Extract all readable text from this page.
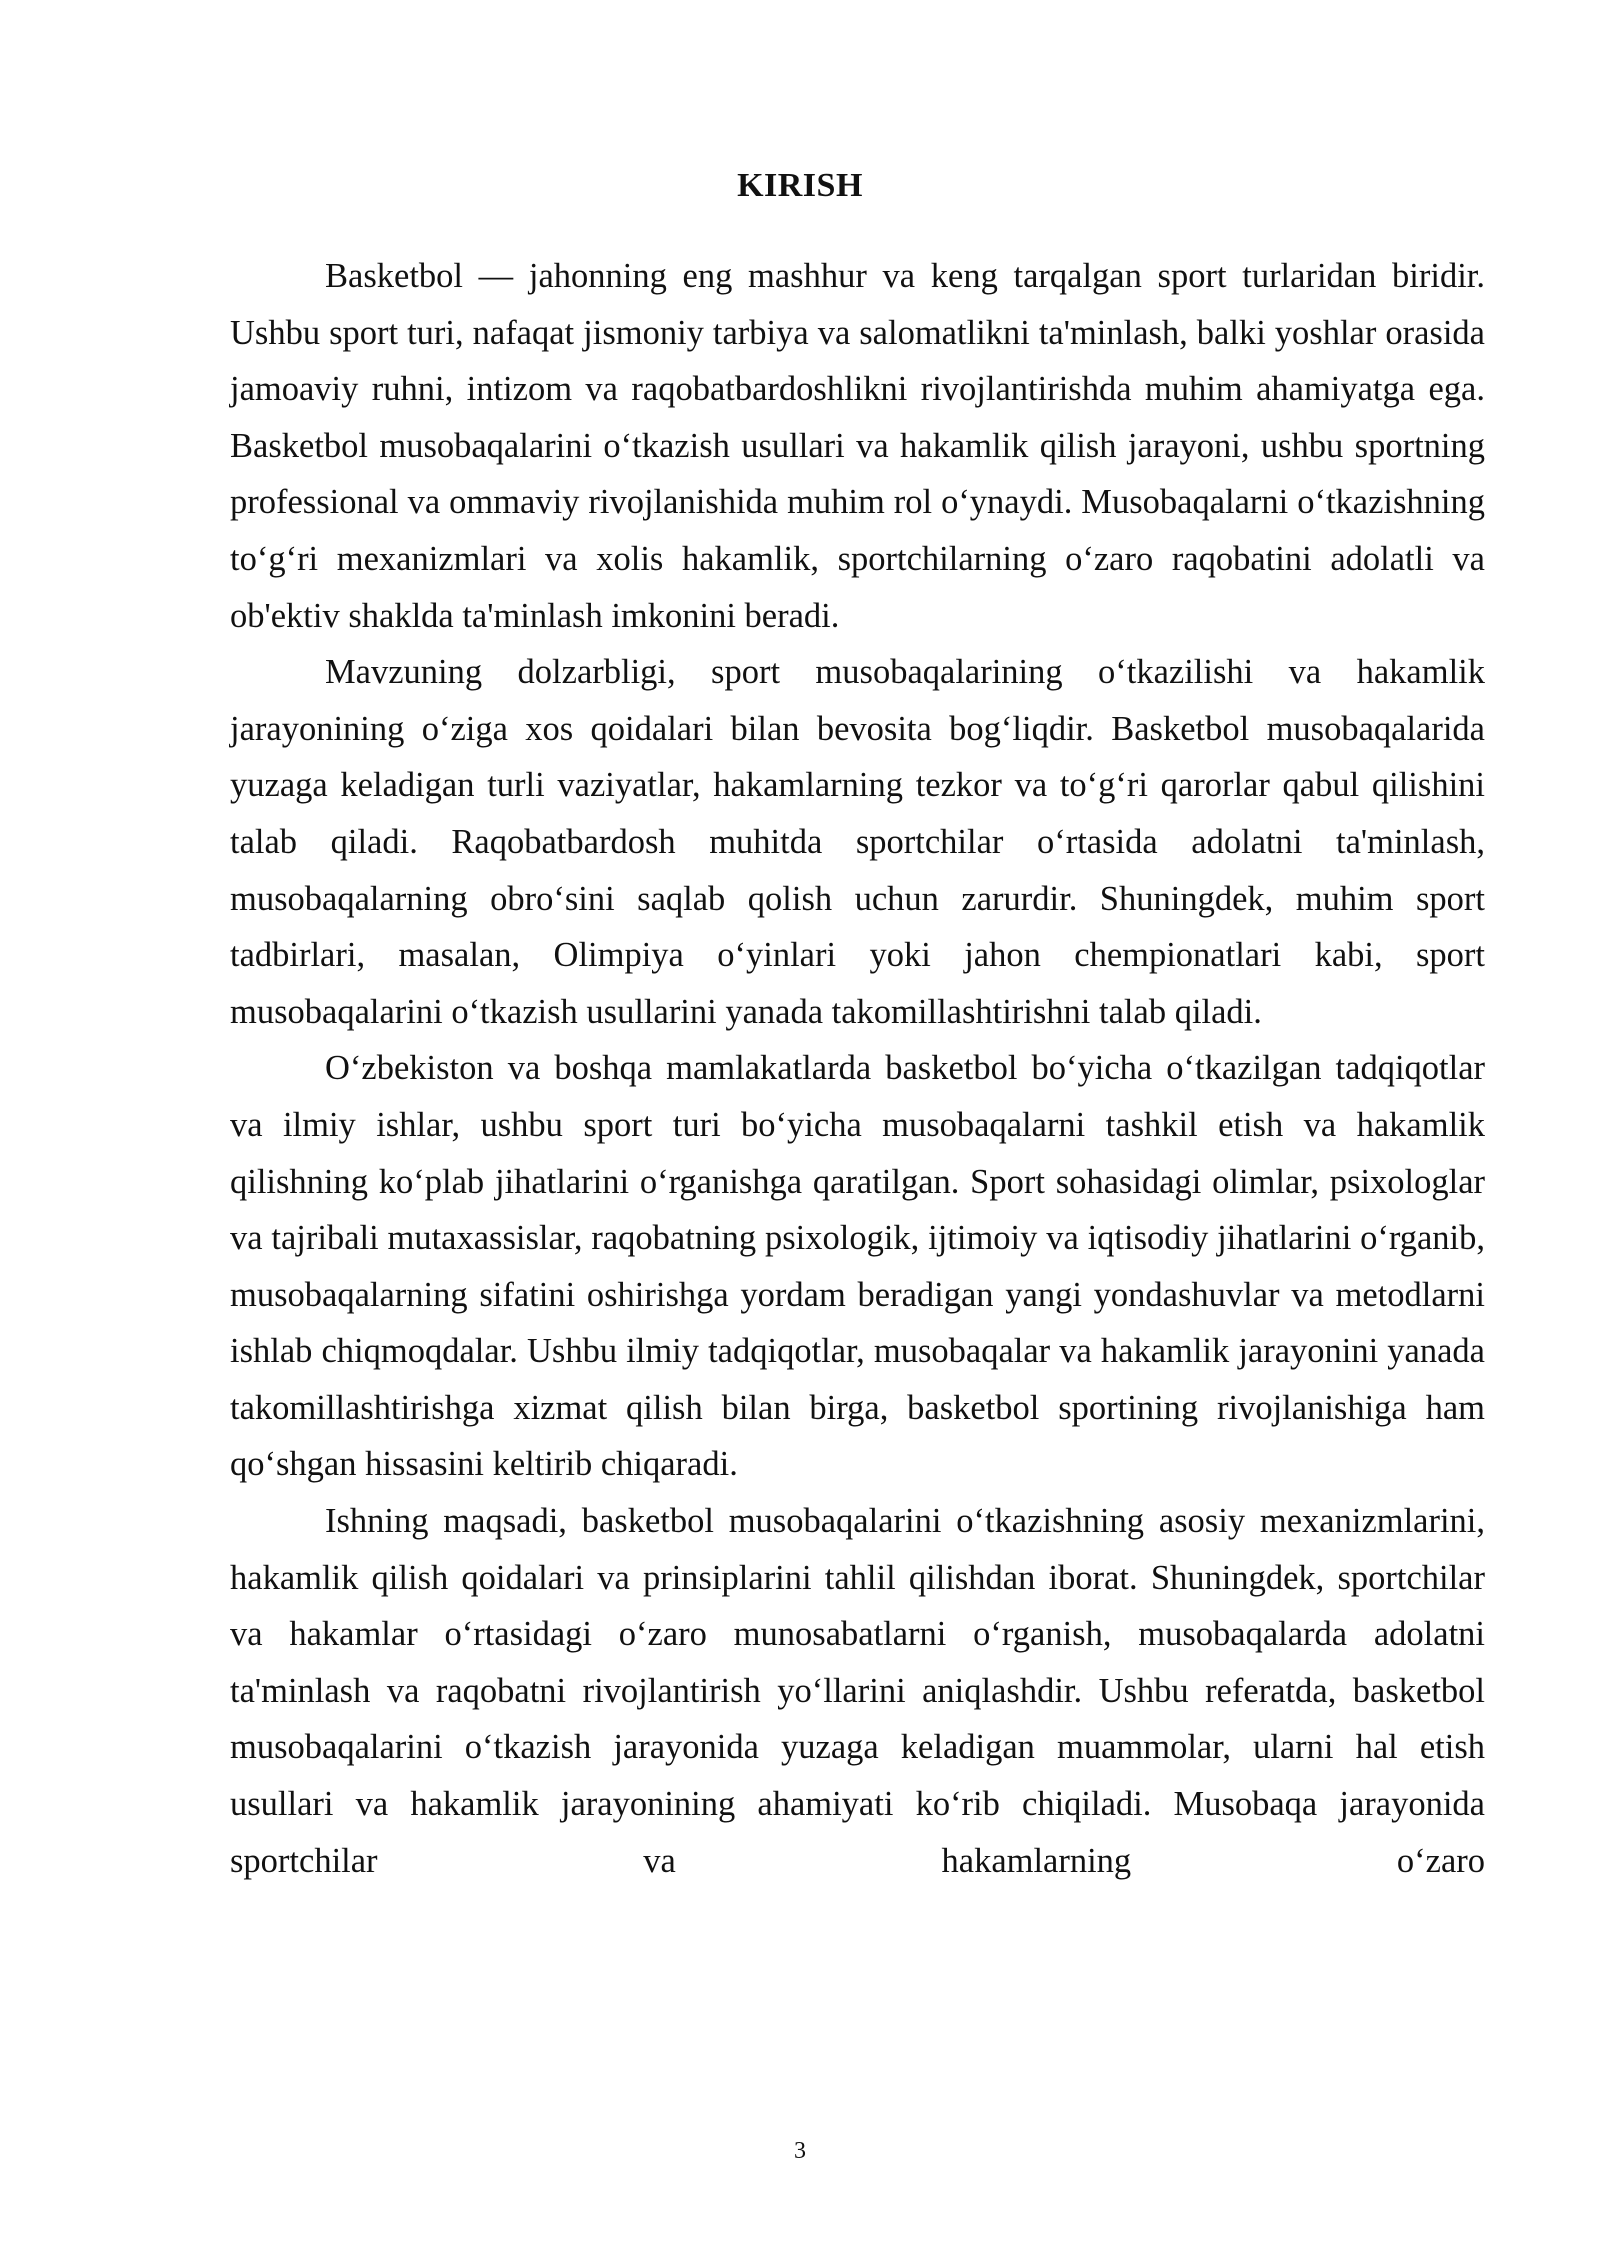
KIRISH

Basketbol — jahonning eng mashhur va keng tarqalgan sport turlaridan biridir. Ushbu sport turi, nafaqat jismoniy tarbiya va salomatlikni ta'minlash, balki yoshlar orasida jamoaviy ruhni, intizom va raqobatbardoshlikni rivojlantirishda muhim ahamiyatga ega. Basketbol musobaqalarini o‘tkazish usullari va hakamlik qilish jarayoni, ushbu sportning professional va ommaviy rivojlanishida muhim rol o‘ynaydi. Musobaqalarni o‘tkazishning to‘g‘ri mexanizmlari va xolis hakamlik, sportchilarning o‘zaro raqobatini adolatli va ob'ektiv shaklda ta'minlash imkonini beradi.

Mavzuning dolzarbligi, sport musobaqalarining o‘tkazilishi va hakamlik jarayonining o‘ziga xos qoidalari bilan bevosita bog‘liqdir. Basketbol musobaqalarida yuzaga keladigan turli vaziyatlar, hakamlarning tezkor va to‘g‘ri qarorlar qabul qilishini talab qiladi. Raqobatbardosh muhitda sportchilar o‘rtasida adolatni ta'minlash, musobaqalarning obro‘sini saqlab qolish uchun zarurdir. Shuningdek, muhim sport tadbirlari, masalan, Olimpiya o‘yinlari yoki jahon chempionatlari kabi, sport musobaqalarini o‘tkazish usullarini yanada takomillashtirishni talab qiladi.

O‘zbekiston va boshqa mamlakatlarda basketbol bo‘yicha o‘tkazilgan tadqiqotlar va ilmiy ishlar, ushbu sport turi bo‘yicha musobaqalarni tashkil etish va hakamlik qilishning ko‘plab jihatlarini o‘rganishga qaratilgan. Sport sohasidagi olimlar, psixologlar va tajribali mutaxassislar, raqobatning psixologik, ijtimoiy va iqtisodiy jihatlarini o‘rganib, musobaqalarning sifatini oshirishga yordam beradigan yangi yondashuvlar va metodlarni ishlab chiqmoqdalar. Ushbu ilmiy tadqiqotlar, musobaqalar va hakamlik jarayonini yanada takomillashtirishga xizmat qilish bilan birga, basketbol sportining rivojlanishiga ham qo‘shgan hissasini keltirib chiqaradi.

Ishning maqsadi, basketbol musobaqalarini o‘tkazishning asosiy mexanizmlarini, hakamlik qilish qoidalari va prinsiplarini tahlil qilishdan iborat. Shuningdek, sportchilar va hakamlar o‘rtasidagi o‘zaro munosabatlarni o‘rganish, musobaqalarda adolatni ta'minlash va raqobatni rivojlantirish yo‘llarini aniqlashdir. Ushbu referatda, basketbol musobaqalarini o‘tkazish jarayonida yuzaga keladigan muammolar, ularni hal etish usullari va hakamlik jarayonining ahamiyati ko‘rib chiqiladi. Musobaqa jarayonida sportchilar va hakamlarning o‘zaro

3
